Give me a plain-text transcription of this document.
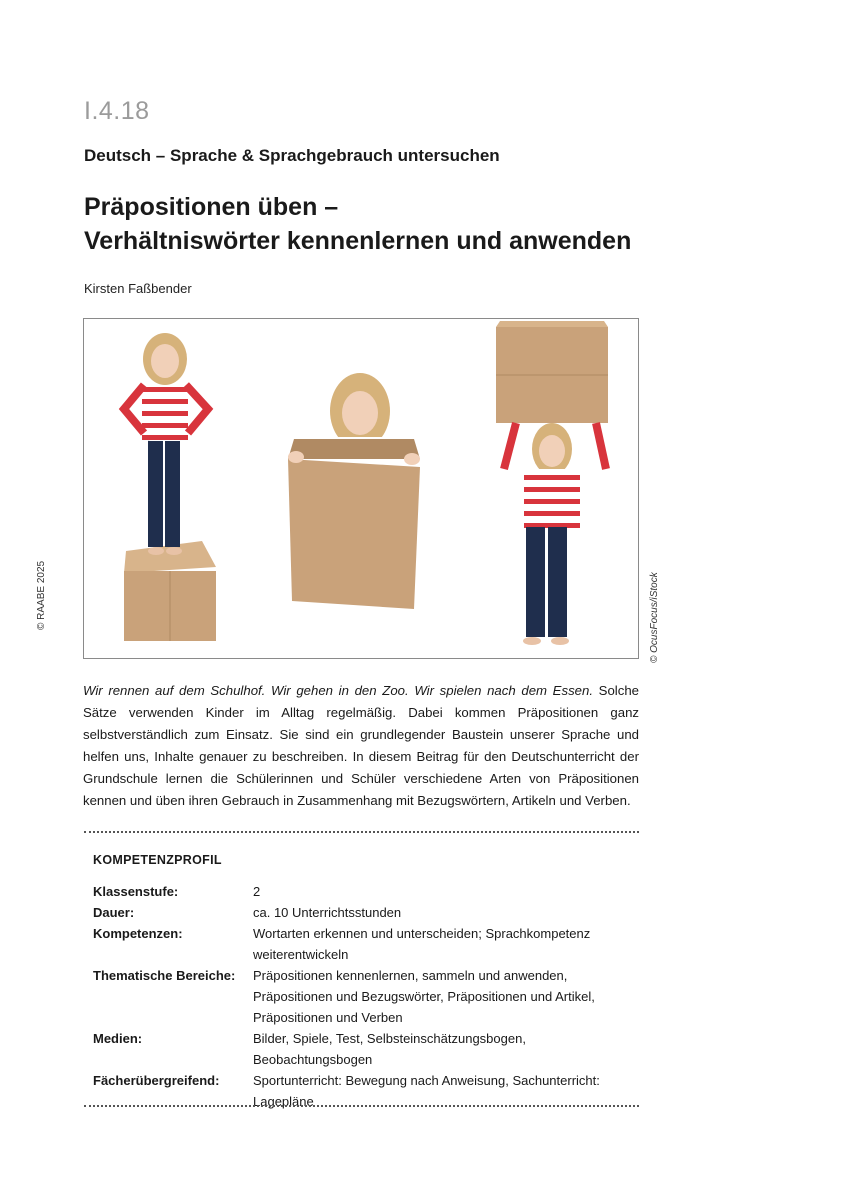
I.4.18
Deutsch – Sprache & Sprachgebrauch untersuchen
Präpositionen üben –
Verhältniswörter kennenlernen und anwenden
Kirsten Faßbender
© RAABE 2025	© OcusFocus/iStock
Wir rennen auf dem Schulhof. Wir gehen in den Zoo. Wir spielen nach dem Essen. Solche Sätze verwenden Kinder im Alltag regelmäßig. Dabei kommen Präpositionen ganz selbstverständlich zum Einsatz. Sie sind ein grundlegender Baustein unserer Sprache und helfen uns, Inhalte genauer zu beschreiben. In diesem Beitrag für den Deutschunterricht der Grundschule lernen die Schülerinnen und Schüler verschiedene Arten von Präpositionen kennen und üben ihren Gebrauch in Zusammenhang mit Bezugswörtern, Artikeln und Verben.
KOMPETENZPROFIL
Klassenstufe:	2
Dauer:	ca. 10 Unterrichtsstunden
Kompetenzen:	Wortarten erkennen und unterscheiden; Sprachkompetenz weiterentwickeln
Thematische Bereiche:	Präpositionen kennenlernen, sammeln und anwenden, Präpositionen und Bezugswörter, Präpositionen und Artikel, Präpositionen und Verben
Medien:	Bilder, Spiele, Test, Selbsteinschätzungsbogen, Beobachtungsbogen
Fächerübergreifend:	Sportunterricht: Bewegung nach Anweisung, Sachunterricht: Lagepläne
